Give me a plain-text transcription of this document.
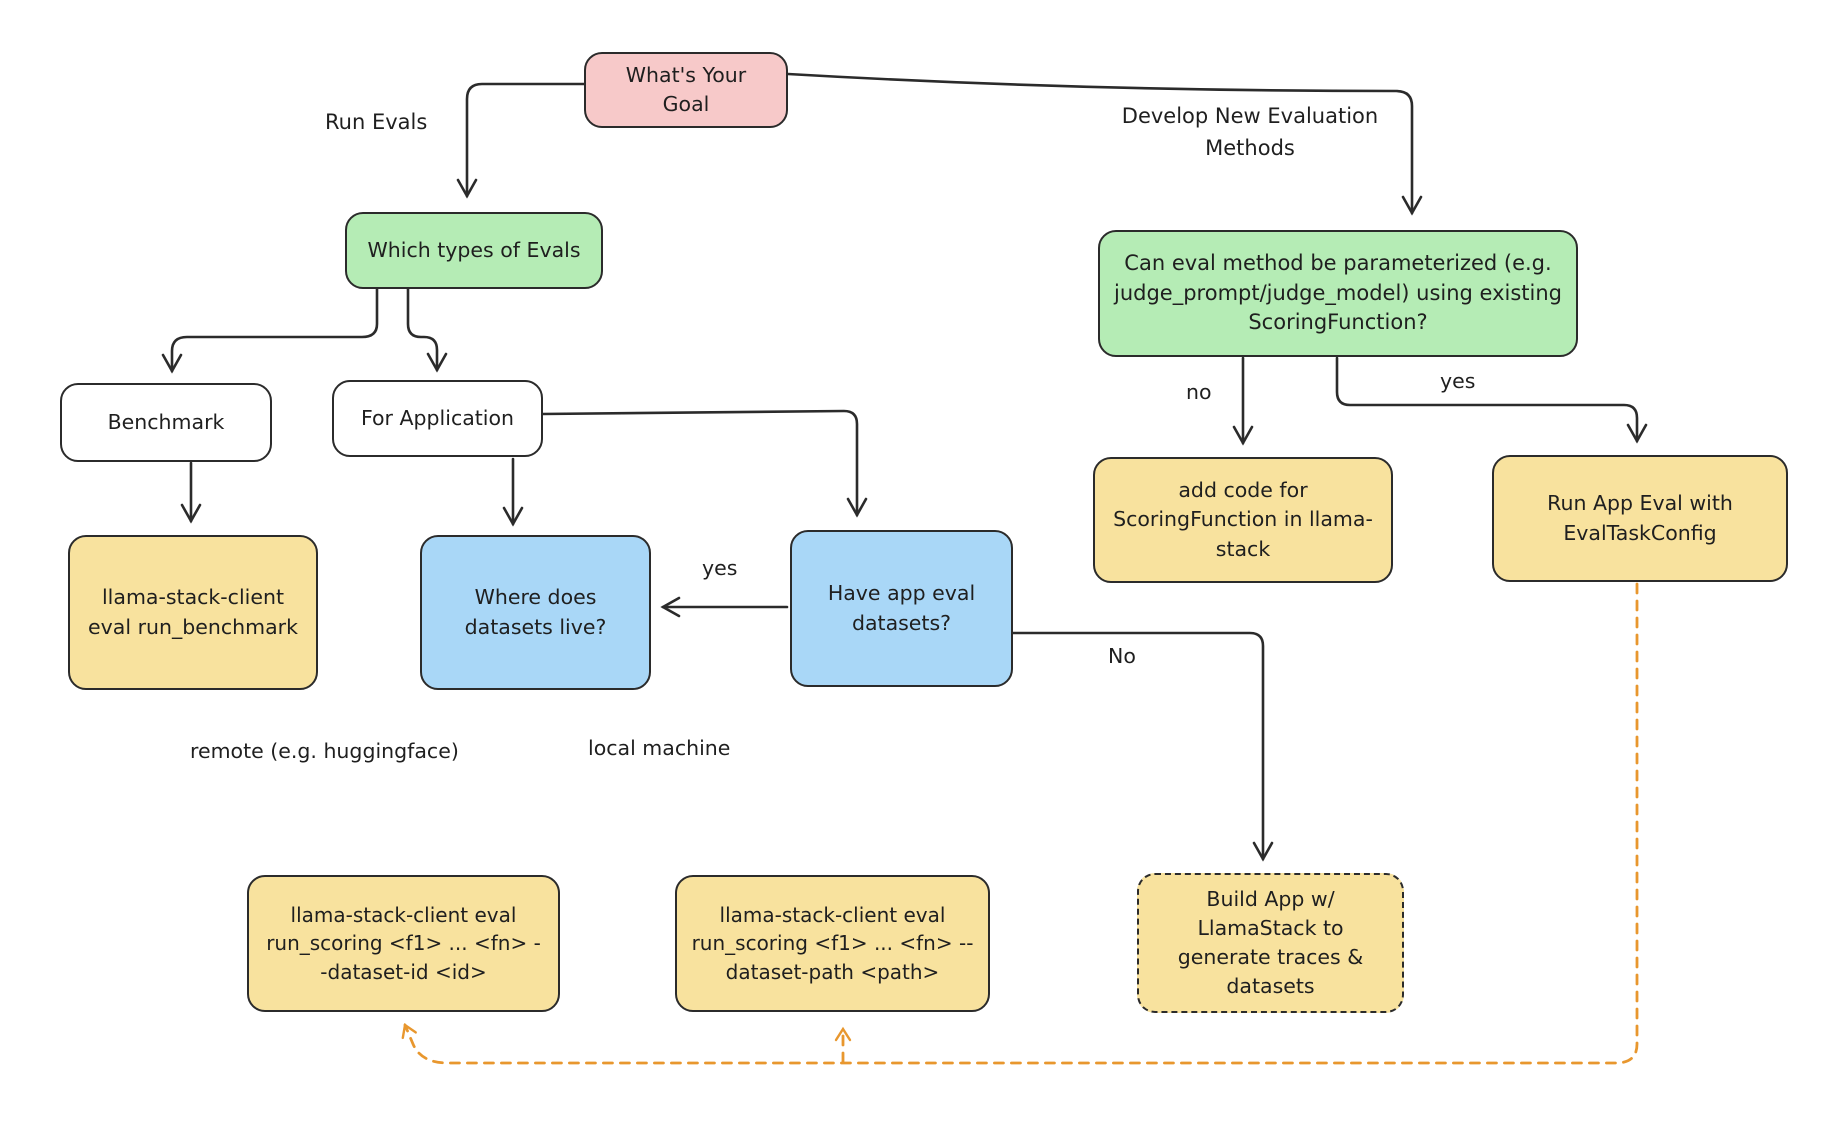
What's Your Goal
Which types of Evals
Can eval method be parameterized (e.g. judge_prompt/judge_model) using existing ScoringFunction?
Benchmark	For Application
llama-stack-client eval run_benchmark
Where does datasets live?
Have app eval datasets?
add code for ScoringFunction in llama-stack
Run App Eval with EvalTaskConfig
llama-stack-client eval run_scoring <f1> ... <fn> --dataset-id <id>
llama-stack-client eval run_scoring <f1> ... <fn> --dataset-path <path>
Build App w/ LlamaStack to generate traces & datasets
Run Evals	Develop New Evaluation Methods
no	yes
yes
No
remote (e.g. huggingface)	local machine
